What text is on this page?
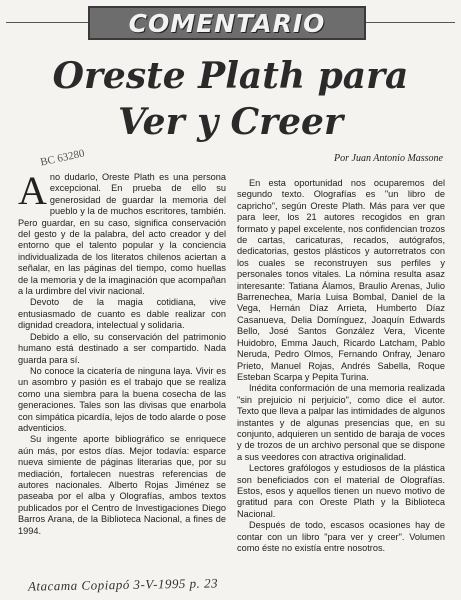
COMENTARIO
Oreste Plath para
Ver y Creer
BC 63280	Por Juan Antonio Massone

Ano dudarlo, Oreste Plath es una persona excepcional. En prueba de ello su generosidad de guardar la memoria del pueblo y la de muchos escritores, también. Pero guardar, en su caso, significa conservación del gesto y de la palabra, del acto creador y del entorno que el talento popular y la conciencia individualizada de los literatos chilenos aciertan a señalar, en las páginas del tiempo, como huellas de la memoria y de la imaginación que acompañan a la urdimbre del vivir nacional.

Devoto de la magia cotidiana, vive entusiasmado de cuanto es dable realizar con dignidad creadora, intelectual y solidaria.

Debido a ello, su conservación del patrimonio humano está destinado a ser compartido. Nada guarda para sí.

No conoce la cicatería de ninguna laya. Vivir es un asombro y pasión es el trabajo que se realiza como una siembra para la buena cosecha de las generaciones. Tales son las divisas que enarbola con simpática picardía, lejos de todo alarde o pose adventicios.

Su ingente aporte bibliográfico se enriquece aún más, por estos días. Mejor todavía: esparce nueva simiente de páginas literarias que, por su mediación, fortalecen nuestras referencias de autores nacionales. Alberto Rojas Jiménez se paseaba por el alba y Olografías, ambos textos publicados por el Centro de Investigaciones Diego Barros Arana, de la Biblioteca Nacional, a fines de 1994.

En esta oportunidad nos ocuparemos del segundo texto. Olografías es "un libro de capricho", según Oreste Plath. Más para ver que para leer, los 21 autores recogidos en gran formato y papel excelente, nos confidencian trozos de cartas, caricaturas, recados, autógrafos, dedicatorias, gestos plásticos y autorretratos con los cuales se reconstruyen sus perfiles y personales tonos vitales. La nómina resulta asaz interesante: Tatiana Álamos, Braulio Arenas, Julio Barrenechea, María Luisa Bombal, Daniel de la Vega, Hernán Díaz Arrieta, Humberto Díaz Casanueva, Delia Domínguez, Joaquín Edwards Bello, José Santos González Vera, Vicente Huidobro, Emma Jauch, Ricardo Latcham, Pablo Neruda, Pedro Olmos, Fernando Onfray, Jenaro Prieto, Manuel Rojas, Andrés Sabella, Roque Esteban Scarpa y Pepita Turina.

Inédita conformación de una memoria realizada "sin prejuicio ni perjuicio", como dice el autor. Texto que lleva a palpar las intimidades de algunos instantes y de algunas presencias que, en su conjunto, adquieren un sentido de baraja de voces y de trozos de un archivo personal que se dispone a sus veedores con atractiva originalidad.

Lectores grafólogos y estudiosos de la plástica son beneficiados con el material de Olografías. Estos, esos y aquellos tienen un nuevo motivo de gratitud para con Oreste Plath y la Biblioteca Nacional.

Después de todo, escasos ocasiones hay de contar con un libro "para ver y creer". Volumen como éste no existía entre nosotros.

Atacama Copiapó 3-V-1995 p. 23
